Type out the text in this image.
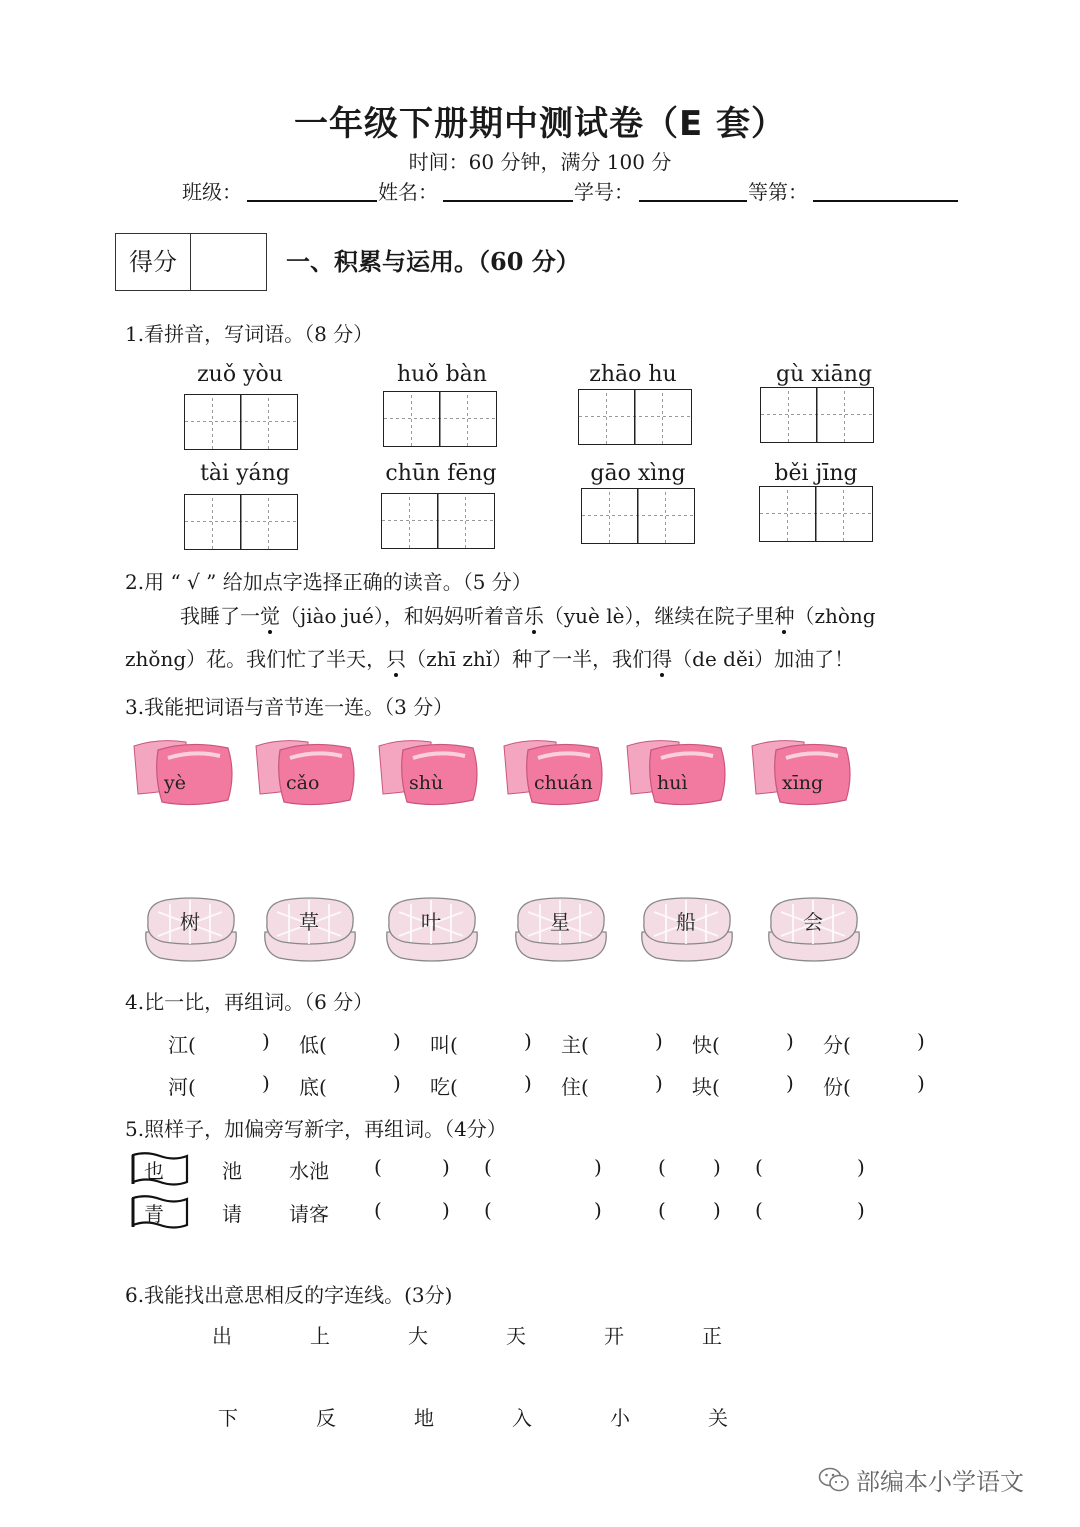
一年级下册期中测试卷（E 套）
时间：60 分钟，满分 100 分
班级：	姓名：	学号：	等第：
得分	一、积累与运用。（60 分）
1.看拼音，写词语。（8 分）
zuǒ yòu	huǒ bàn	zhāo hu	gù xiāng
tài yáng	chūn fēng	gāo xìng	běi jīng
2.用 “ √ ” 给加点字选择正确的读音。（5 分）
我睡了一觉（jiào jué），和妈妈听着音乐（yuè lè），继续在院子里种（zhòng
zhǒng）花。我们忙了半天，只（zhī zhǐ）种了一半，我们得（de děi）加油了！
3.我能把词语与音节连一连。（3 分）
yè	cǎo	shù	chuán	huì	xīng
树	草	叶	星	船	会
4.比一比，再组词。（6 分）
江(	) 低(	) 叫(	) 主(	) 快(	) 分(	)
河(	) 底(	) 吃(	) 住(	) 块(	) 份(	)
5.照样子，加偏旁写新字，再组词。（4分）
也	池 水池 (	) (	)	( ) (	)
青	请 请客 (	) (	)	( ) (	)
6.我能找出意思相反的字连线。(3分)
出	上	大	天	开	正
下	反	地	入	小	关
部编本小学语文
